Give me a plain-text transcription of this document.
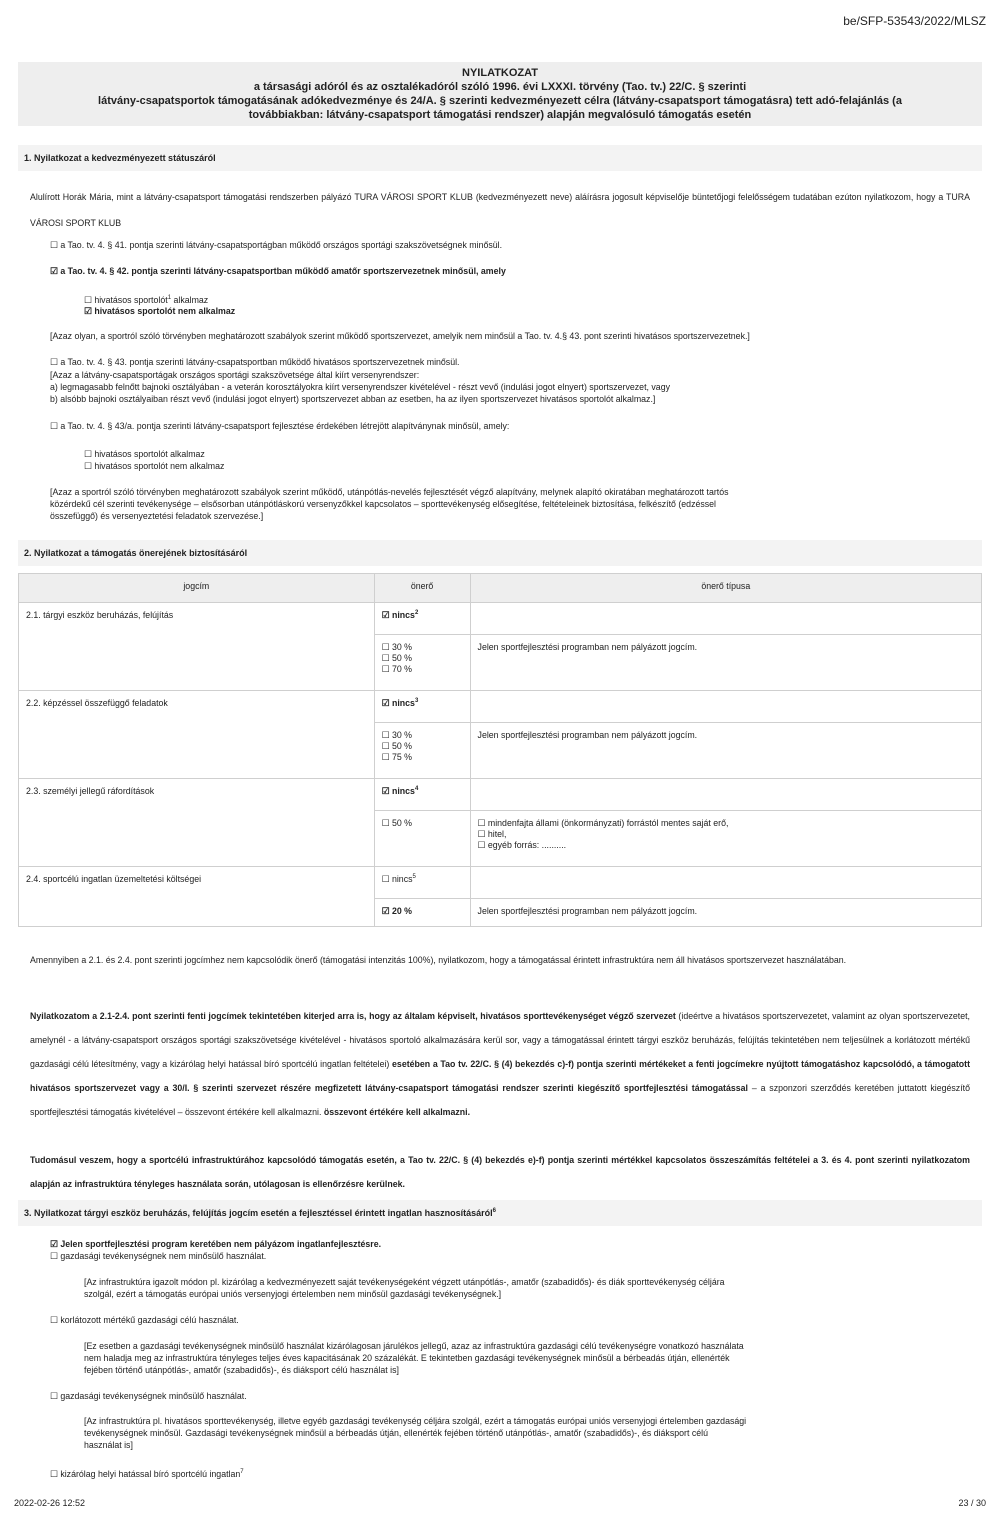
be/SFP-53543/2022/MLSZ
NYILATKOZAT
a társasági adóról és az osztalékadóról szóló 1996. évi LXXXI. törvény (Tao. tv.) 22/C. § szerinti
látvány-csapatsportok támogatásának adókedvezménye és 24/A. § szerinti kedvezményezett célra (látvány-csapatsport támogatásra) tett adó-felajánlás (a
továbbiakban: látvány-csapatsport támogatási rendszer) alapján megvalósuló támogatás esetén
1. Nyilatkozat a kedvezményezett státuszáról
Alulírott Horák Mária, mint a látvány-csapatsport támogatási rendszerben pályázó TURA VÁROSI SPORT KLUB (kedvezményezett neve) aláírásra jogosult képviselője büntetőjogi felelősségem tudatában ezúton nyilatkozom, hogy a TURA VÁROSI SPORT KLUB
☐ a Tao. tv. 4. § 41. pontja szerinti látvány-csapatsportágban működő országos sportági szakszövetségnek minősül.
☑ a Tao. tv. 4. § 42. pontja szerinti látvány-csapatsportban működő amatőr sportszervezetnek minősül, amely
☐ hivatásos sportolót$^1$ alkalmaz
☑ hivatásos sportolót nem alkalmaz
[Azaz olyan, a sportról szóló törvényben meghatározott szabályok szerint működő sportszervezet, amelyik nem minősül a Tao. tv. 4.§ 43. pont szerinti hivatásos sportszervezetnek.]
☐ a Tao. tv. 4. § 43. pontja szerinti látvány-csapatsportban működő hivatásos sportszervezetnek minősül.
[Azaz a látvány-csapatsportágak országos sportági szakszövetsége által kiírt versenyrendszer:
a) legmagasabb felnőtt bajnoki osztályában - a veterán korosztályokra kiírt versenyrendszer kivételével - részt vevő (indulási jogot elnyert) sportszervezet, vagy
b) alsóbb bajnoki osztályaiban részt vevő (indulási jogot elnyert) sportszervezet abban az esetben, ha az ilyen sportszervezet hivatásos sportolót alkalmaz.]
☐ a Tao. tv. 4. § 43/a. pontja szerinti látvány-csapatsport fejlesztése érdekében létrejött alapítványnak minősül, amely:
☐ hivatásos sportolót alkalmaz
☐ hivatásos sportolót nem alkalmaz
[Azaz a sportról szóló törvényben meghatározott szabályok szerint működő, utánpótlás-nevelés fejlesztését végző alapítvány, melynek alapító okiratában meghatározott tartós
közérdekű cél szerinti tevékenysége – elsősorban utánpótláskorú versenyzőkkel kapcsolatos – sporttevékenység elősegítése, feltételeinek biztosítása, felkészítő (edzéssel
összefüggő) és versenyeztetési feladatok szervezése.]
2. Nyilatkozat a támogatás önerejének biztosításáról
jogcím	önerő	önerő típusa
2.1. tárgyi eszköz beruházás, felújítás	☑ nincs$^2$	

	☐ 30 %
☐ 50 %
☐ 70 %	Jelen sportfejlesztési programban nem pályázott jogcím.
2.2. képzéssel összefüggő feladatok	☑ nincs$^3$	

	☐ 30 %
☐ 50 %
☐ 75 %	Jelen sportfejlesztési programban nem pályázott jogcím.
2.3. személyi jellegű ráfordítások	☑ nincs$^4$	
	☐ 50 %	☐ mindenfajta állami (önkormányzati) forrástól mentes saját erő,
☐ hitel,
☐ egyéb forrás: ..........

2.4. sportcélú ingatlan üzemeltetési költségei	☐ nincs$^5$	
	☑ 20 %	Jelen sportfejlesztési programban nem pályázott jogcím.
Amennyiben a 2.1. és 2.4. pont szerinti jogcímhez nem kapcsolódik önerő (támogatási intenzitás 100%), nyilatkozom, hogy a támogatással érintett infrastruktúra nem áll hivatásos sportszervezet használatában.
Nyilatkozatom a 2.1-2.4. pont szerinti fenti jogcímek tekintetében kiterjed arra is, hogy az általam képviselt, hivatásos sporttevékenységet végző szervezet (ideértve a hivatásos sportszervezetet, valamint az olyan sportszervezetet, amelynél - a látvány-csapatsport országos sportági szakszövetsége kivételével - hivatásos sportoló alkalmazására kerül sor, vagy a támogatással érintett tárgyi eszköz beruházás, felújítás tekintetében nem teljesülnek a korlátozott mértékű gazdasági célú létesítmény, vagy a kizárólag helyi hatással bíró sportcélú ingatlan feltételei) esetében a Tao tv. 22/C. § (4) bekezdés c)-f) pontja szerinti mértékeket a fenti jogcímekre nyújtott támogatáshoz kapcsolódó, a támogatott hivatásos sportszervezet vagy a 30/I. § szerinti szervezet részére megfizetett látvány-csapatsport támogatási rendszer szerinti kiegészítő sportfejlesztési támogatással – a szponzori szerződés keretében juttatott kiegészítő sportfejlesztési támogatás kivételével – összevont értékére kell alkalmazni. összevont értékére kell alkalmazni.
Tudomásul veszem, hogy a sportcélú infrastruktúrához kapcsolódó támogatás esetén, a Tao tv. 22/C. § (4) bekezdés e)-f) pontja szerinti mértékkel kapcsolatos összeszámítás feltételei a 3. és 4. pont szerinti nyilatkozatom alapján az infrastruktúra tényleges használata során, utólagosan is ellenőrzésre kerülnek.
3. Nyilatkozat tárgyi eszköz beruházás, felújítás jogcím esetén a fejlesztéssel érintett ingatlan hasznosításáról$^6$
☑ Jelen sportfejlesztési program keretében nem pályázom ingatlanfejlesztésre.
☐ gazdasági tevékenységnek nem minősülő használat.
[Az infrastruktúra igazolt módon pl. kizárólag a kedvezményezett saját tevékenységeként végzett utánpótlás-, amatőr (szabadidős)- és diák sporttevékenység céljára
szolgál, ezért a támogatás európai uniós versenyjogi értelemben nem minősül gazdasági tevékenységnek.]
☐ korlátozott mértékű gazdasági célú használat.
[Ez esetben a gazdasági tevékenységnek minősülő használat kizárólagosan járulékos jellegű, azaz az infrastruktúra gazdasági célú tevékenységre vonatkozó használata
nem haladja meg az infrastruktúra tényleges teljes éves kapacitásának 20 százalékát. E tekintetben gazdasági tevékenységnek minősül a bérbeadás útján, ellenérték
fejében történő utánpótlás-, amatőr (szabadidős)-, és diáksport célú használat is]
☐ gazdasági tevékenységnek minősülő használat.
[Az infrastruktúra pl. hivatásos sporttevékenység, illetve egyéb gazdasági tevékenység céljára szolgál, ezért a támogatás európai uniós versenyjogi értelemben gazdasági
tevékenységnek minősül. Gazdasági tevékenységnek minősül a bérbeadás útján, ellenérték fejében történő utánpótlás-, amatőr (szabadidős)-, és diáksport célú
használat is]
☐ kizárólag helyi hatással bíró sportcélú ingatlan$^7$
2022-02-26 12:52	23 / 30
